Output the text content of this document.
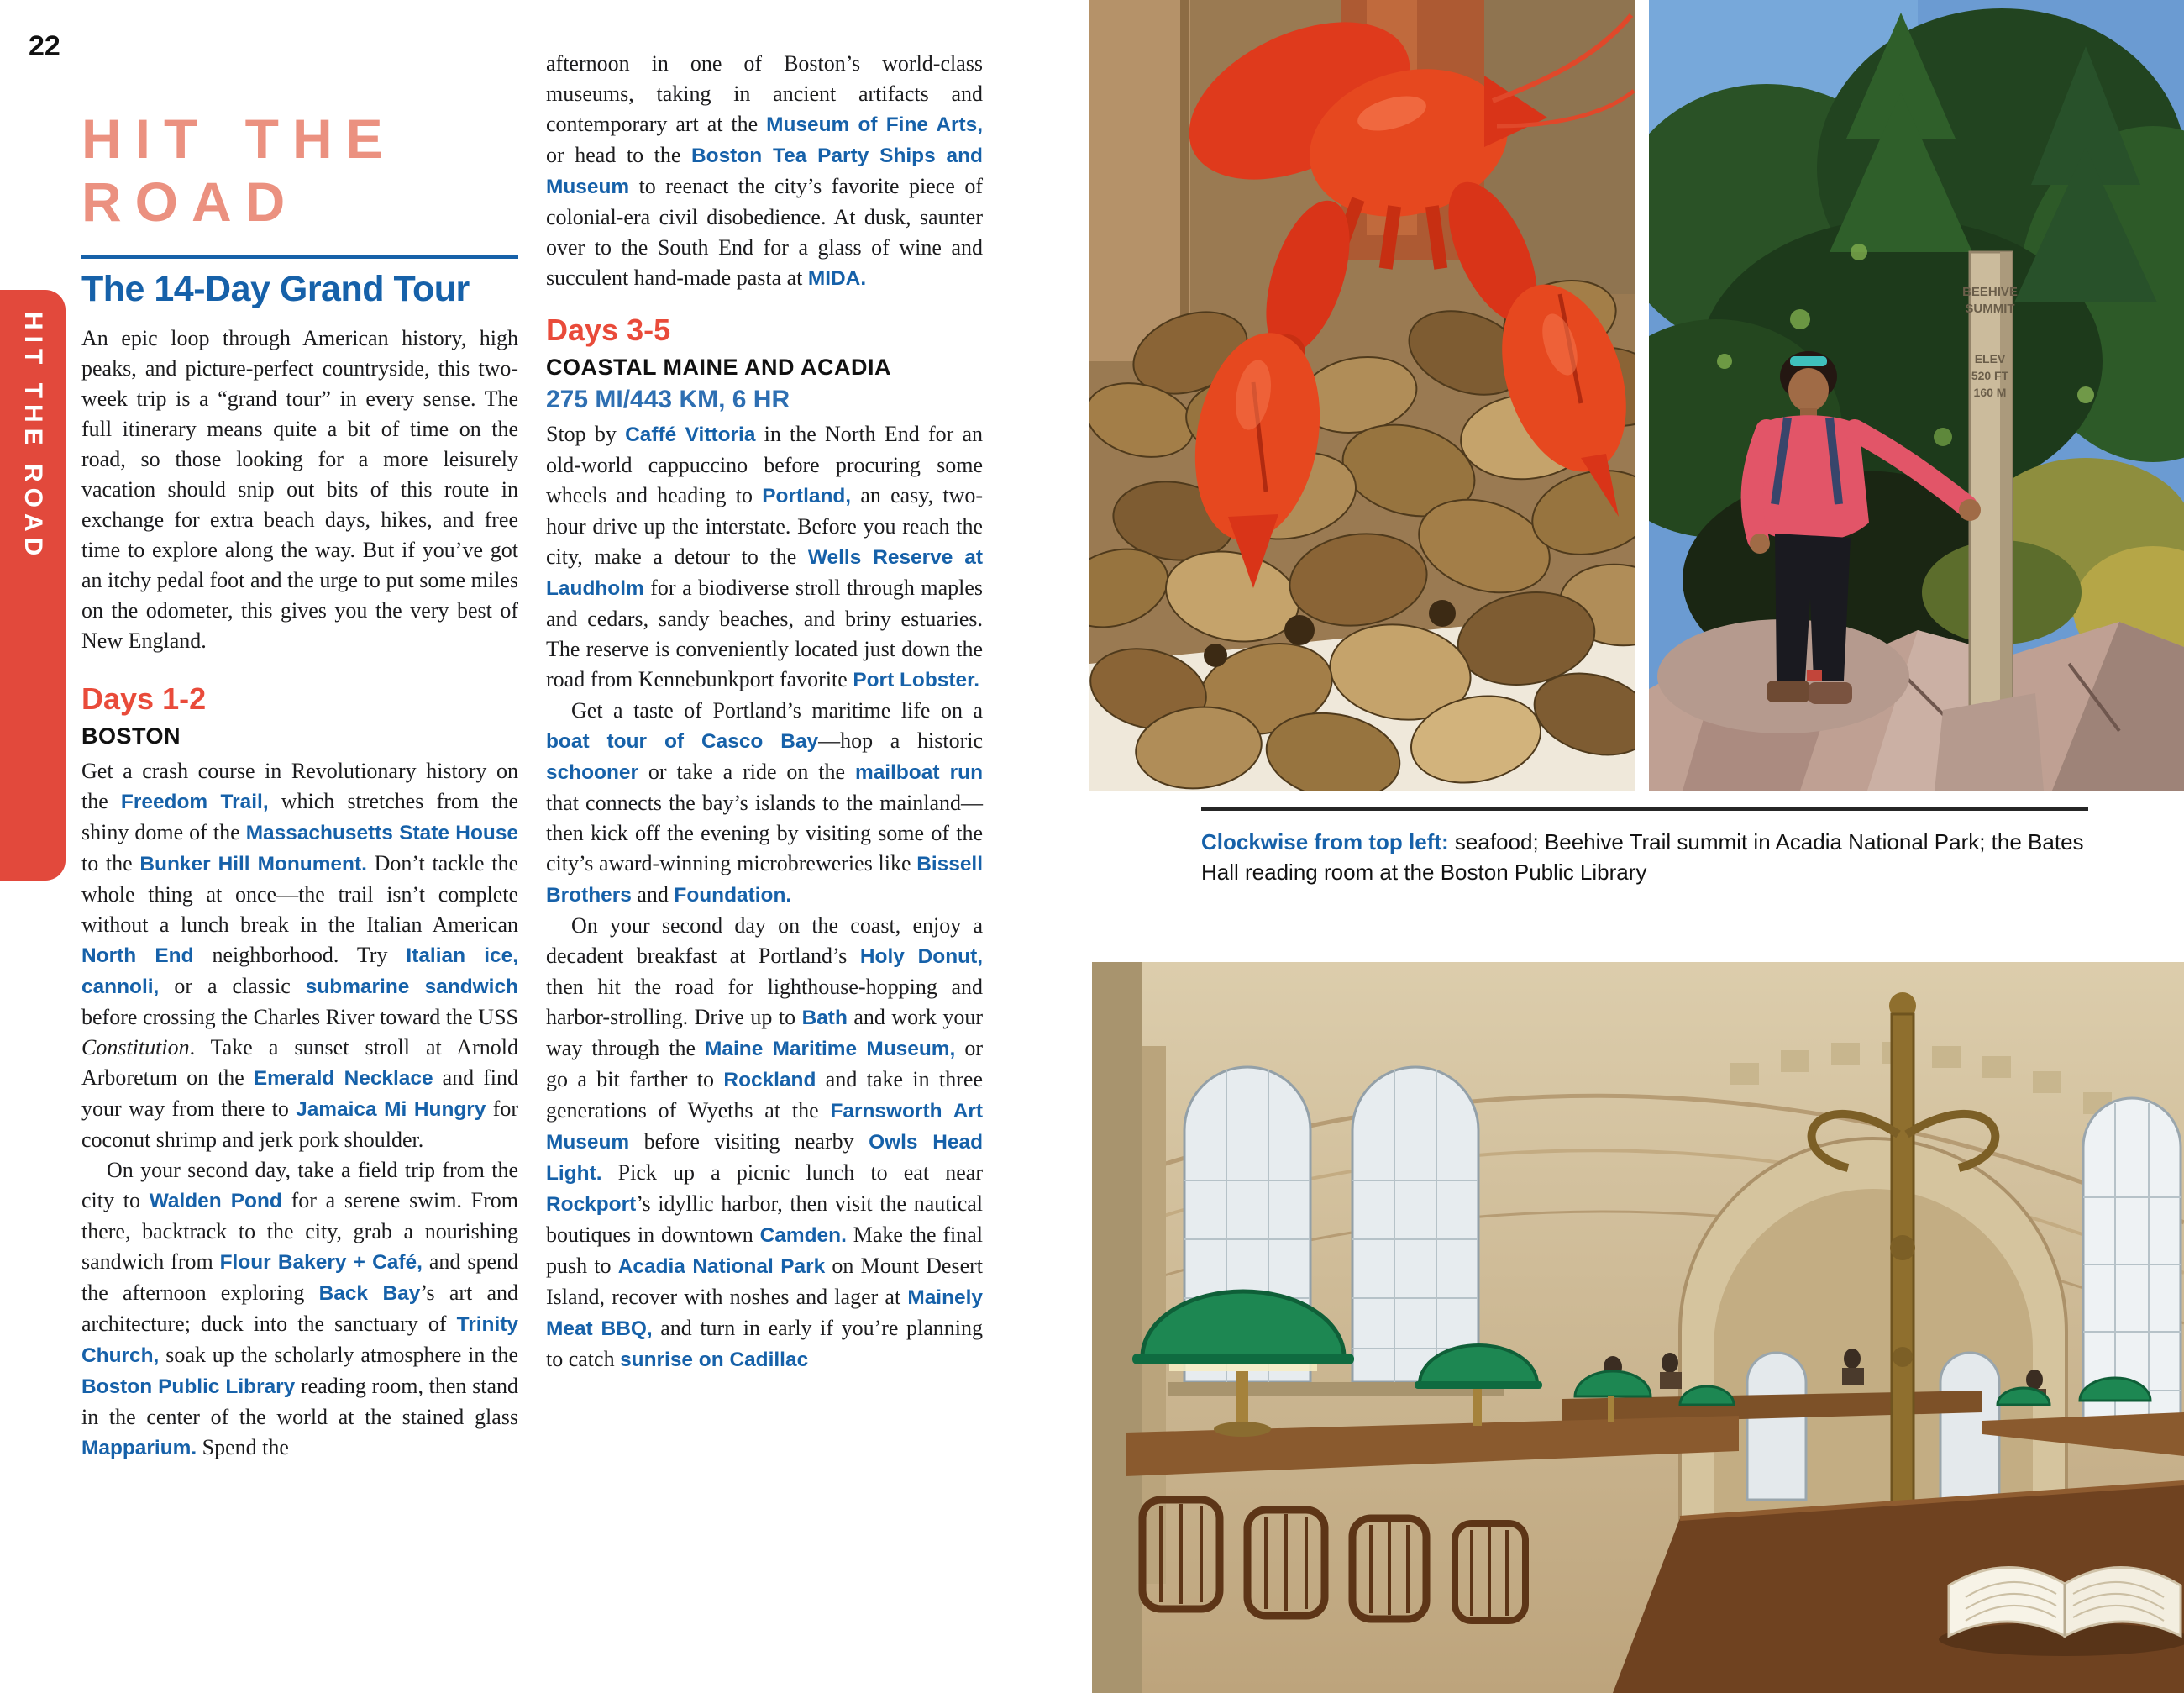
22
HIT THE ROAD
HIT THE ROAD
The 14-Day Grand Tour

An epic loop through American history, high peaks, and picture-perfect countryside, this two-week trip is a “grand tour” in every sense. The full itinerary means quite a bit of time on the road, so those looking for a more leisurely vacation should snip out bits of this route in exchange for extra beach days, hikes, and free time to explore along the way. But if you’ve got an itchy pedal foot and the urge to put some miles on the odometer, this gives you the very best of New England.

Days 1-2
BOSTON

Get a crash course in Revolutionary history on the Freedom Trail, which stretches from the shiny dome of the Massachusetts State House to the Bunker Hill Monument. Don’t tackle the whole thing at once—the trail isn’t complete without a lunch break in the Italian American North End neighborhood. Try Italian ice, cannoli, or a classic submarine sandwich before crossing the Charles River toward the USS Constitution. Take a sunset stroll at Arnold Arboretum on the Emerald Necklace and find your way from there to Jamaica Mi Hungry for coconut shrimp and jerk pork shoulder.

On your second day, take a field trip from the city to Walden Pond for a serene swim. From there, backtrack to the city, grab a nourishing sandwich from Flour Bakery + Café, and spend the afternoon exploring Back Bay’s art and architecture; duck into the sanctuary of Trinity Church, soak up the scholarly atmosphere in the Boston Public Library reading room, then stand in the center of the world at the stained glass Mapparium. Spend the

afternoon in one of Boston’s world-class museums, taking in ancient artifacts and contemporary art at the Museum of Fine Arts, or head to the Boston Tea Party Ships and Museum to reenact the city’s favorite piece of colonial-era civil disobedience. At dusk, saunter over to the South End for a glass of wine and succulent hand-made pasta at MIDA.

Days 3-5
COASTAL MAINE AND ACADIA
275 MI/443 KM, 6 HR

Stop by Caffé Vittoria in the North End for an old-world cappuccino before procuring some wheels and heading to Portland, an easy, two-hour drive up the interstate. Before you reach the city, make a detour to the Wells Reserve at Laudholm for a biodiverse stroll through maples and cedars, sandy beaches, and briny estuaries. The reserve is conveniently located just down the road from Kennebunkport favorite Port Lobster.

Get a taste of Portland’s maritime life on a boat tour of Casco Bay—hop a historic schooner or take a ride on the mailboat run that connects the bay’s islands to the mainland—then kick off the evening by visiting some of the city’s award-winning microbreweries like Bissell Brothers and Foundation.

On your second day on the coast, enjoy a decadent breakfast at Portland’s Holy Donut, then hit the road for lighthouse-hopping and harbor-strolling. Drive up to Bath and work your way through the Maine Maritime Museum, or go a bit farther to Rockland and take in three generations of Wyeths at the Farnsworth Art Museum before visiting nearby Owls Head Light. Pick up a picnic lunch to eat near Rockport’s idyllic harbor, then visit the nautical boutiques in downtown Camden. Make the final push to Acadia National Park on Mount Desert Island, recover with noshes and lager at Mainely Meat BBQ, and turn in early if you’re planning to catch sunrise on Cadillac

BEEHIVE
SUMMIT
ELEV
520 FT
160 M
Clockwise from top left: seafood; Beehive Trail summit in Acadia National Park; the Bates Hall reading room at the Boston Public Library
